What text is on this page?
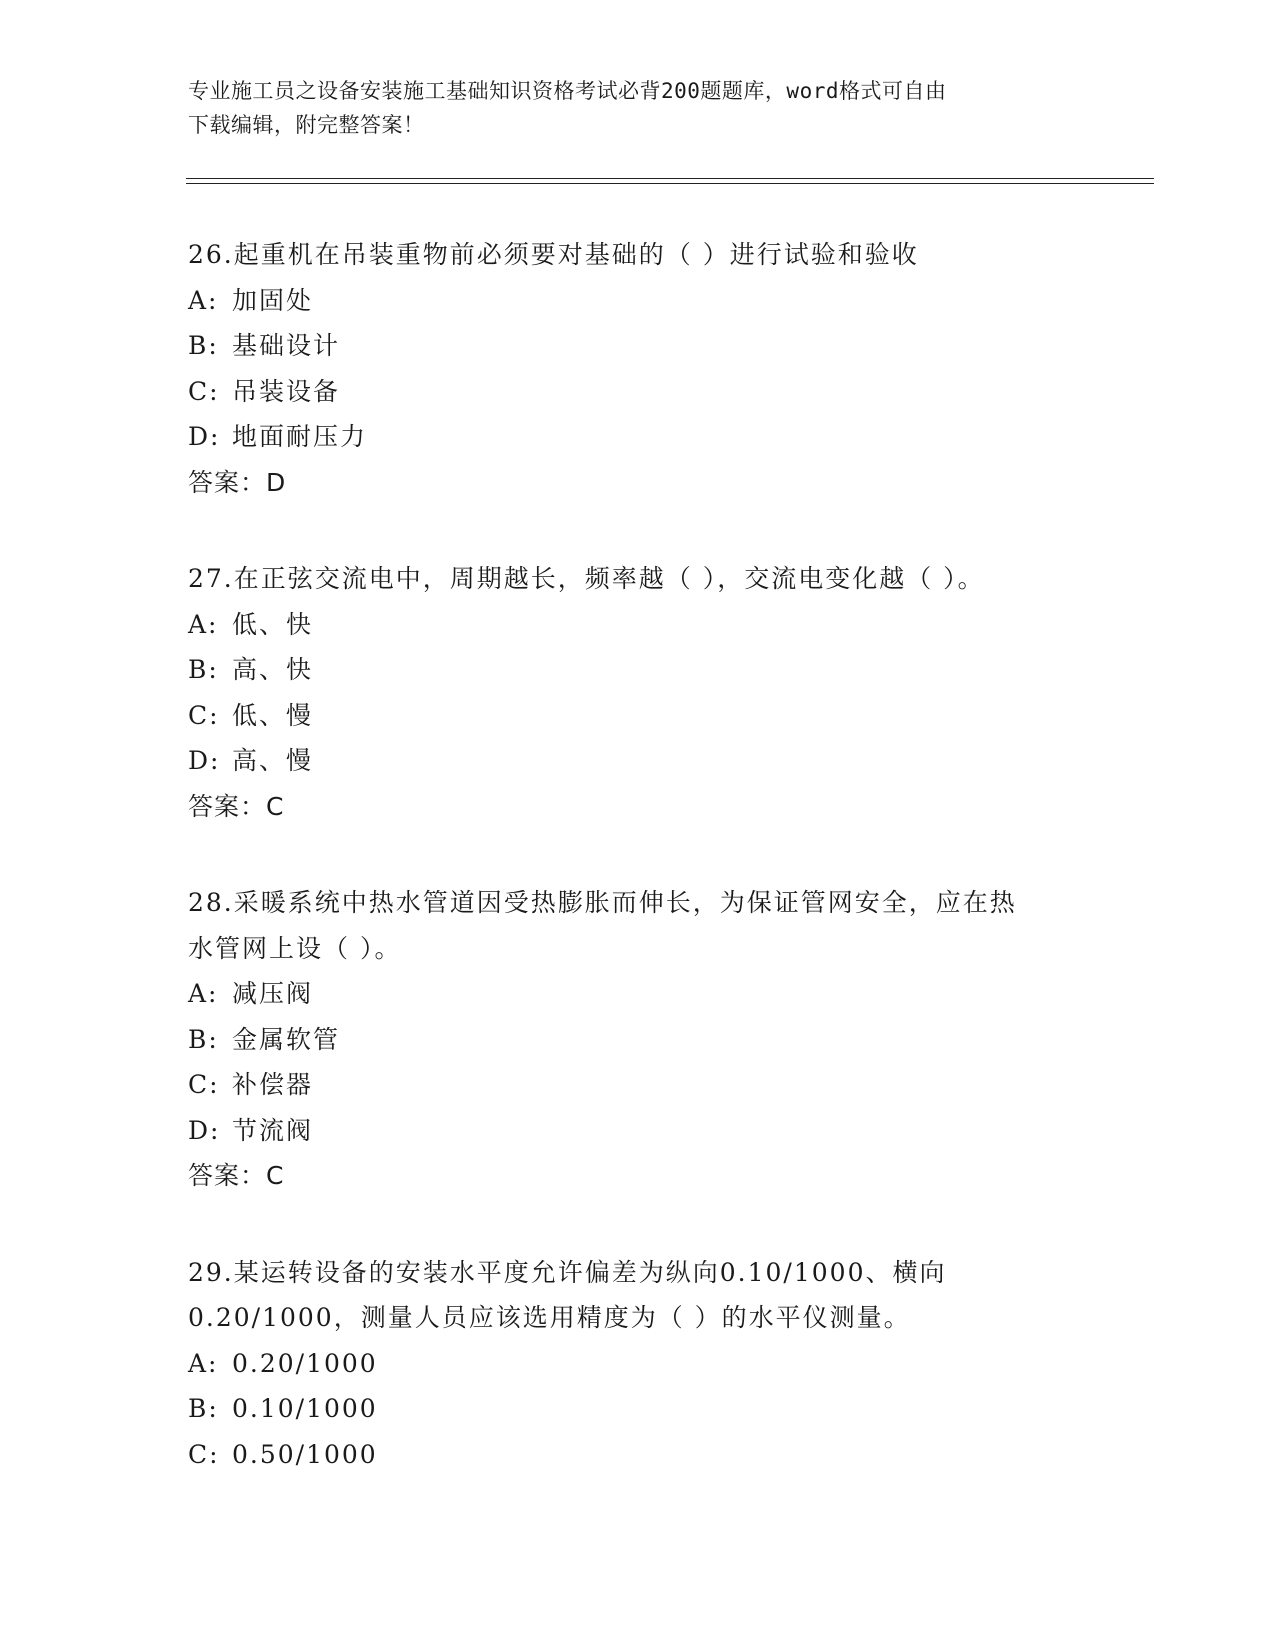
专业施工员之设备安装施工基础知识资格考试必背200题题库，word格式可自由
下载编辑，附完整答案！
26.起重机在吊装重物前必须要对基础的（ ）进行试验和验收
A: 加固处
B: 基础设计
C: 吊装设备
D: 地面耐压力
答案：D
27.在正弦交流电中，周期越长，频率越（ ），交流电变化越（ ）。
A: 低、快
B: 高、快
C: 低、慢
D: 高、慢
答案：C
28.采暖系统中热水管道因受热膨胀而伸长，为保证管网安全，应在热
水管网上设（ ）。
A: 减压阀
B: 金属软管
C: 补偿器
D: 节流阀
答案：C
29.某运转设备的安装水平度允许偏差为纵向0.10/1000、横向
0.20/1000，测量人员应该选用精度为（ ）的水平仪测量。
A: 0.20/1000
B: 0.10/1000
C: 0.50/1000
